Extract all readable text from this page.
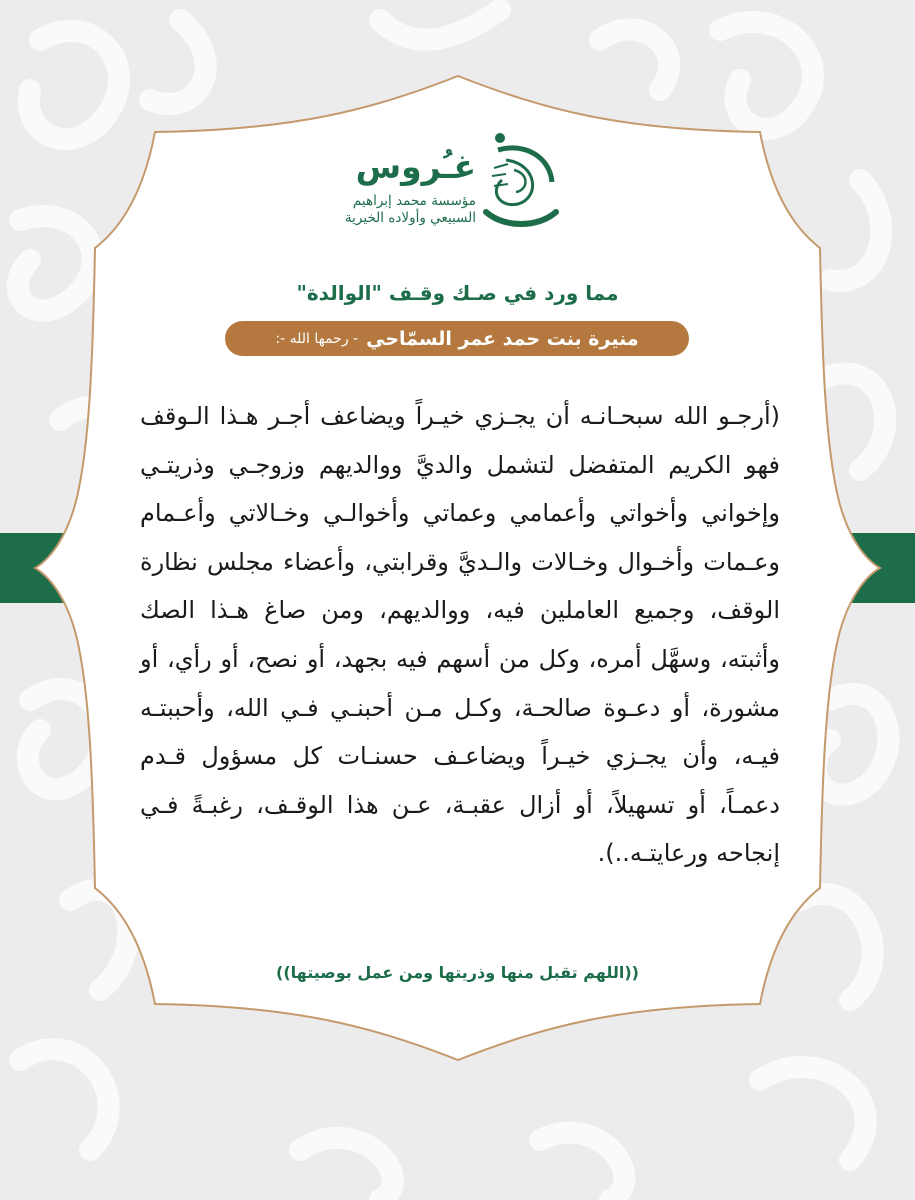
غـُروس
مؤسسة محمد إبراهيم
السبيعي وأولاده الخيرية
مما ورد في صـك وقـف "الوالدة"
منيرة بنت حمد عمر السمّاحي
- رحمها الله -:
(أرجـو الله سبحـانـه أن يجـزي خيـراً ويضاعف أجـر هـذا الـوقف فهو الكريم المتفضل لتشمل والديَّ ووالديهم وزوجـي وذريتـي وإخواني وأخواتي وأعمامي وعماتي وأخوالـي وخـالاتي وأعـمام وعـمات وأخـوال وخـالات والـديَّ وقرابتي، وأعضاء مجلس نظارة الوقف، وجميع العاملين فيه، ووالديهم، ومن صاغ هـذا الصك وأثبته، وسهَّل أمره، وكل من أسهم فيه بجهد، أو نصح، أو رأي، أو مشورة، أو دعـوة صالحـة، وكـل مـن أحبنـي فـي الله، وأحببتـه فيـه، وأن يجـزي خيـراً ويضاعـف حسنـات كل مسؤول قـدم دعمـاً، أو تسهيلاً، أو أزال عقبـة، عـن هذا الوقـف، رغبـةً فـي إنجاحه ورعايتـه..).
((اللهم تقبل منها وذريتها ومن عمل بوصيتها))
